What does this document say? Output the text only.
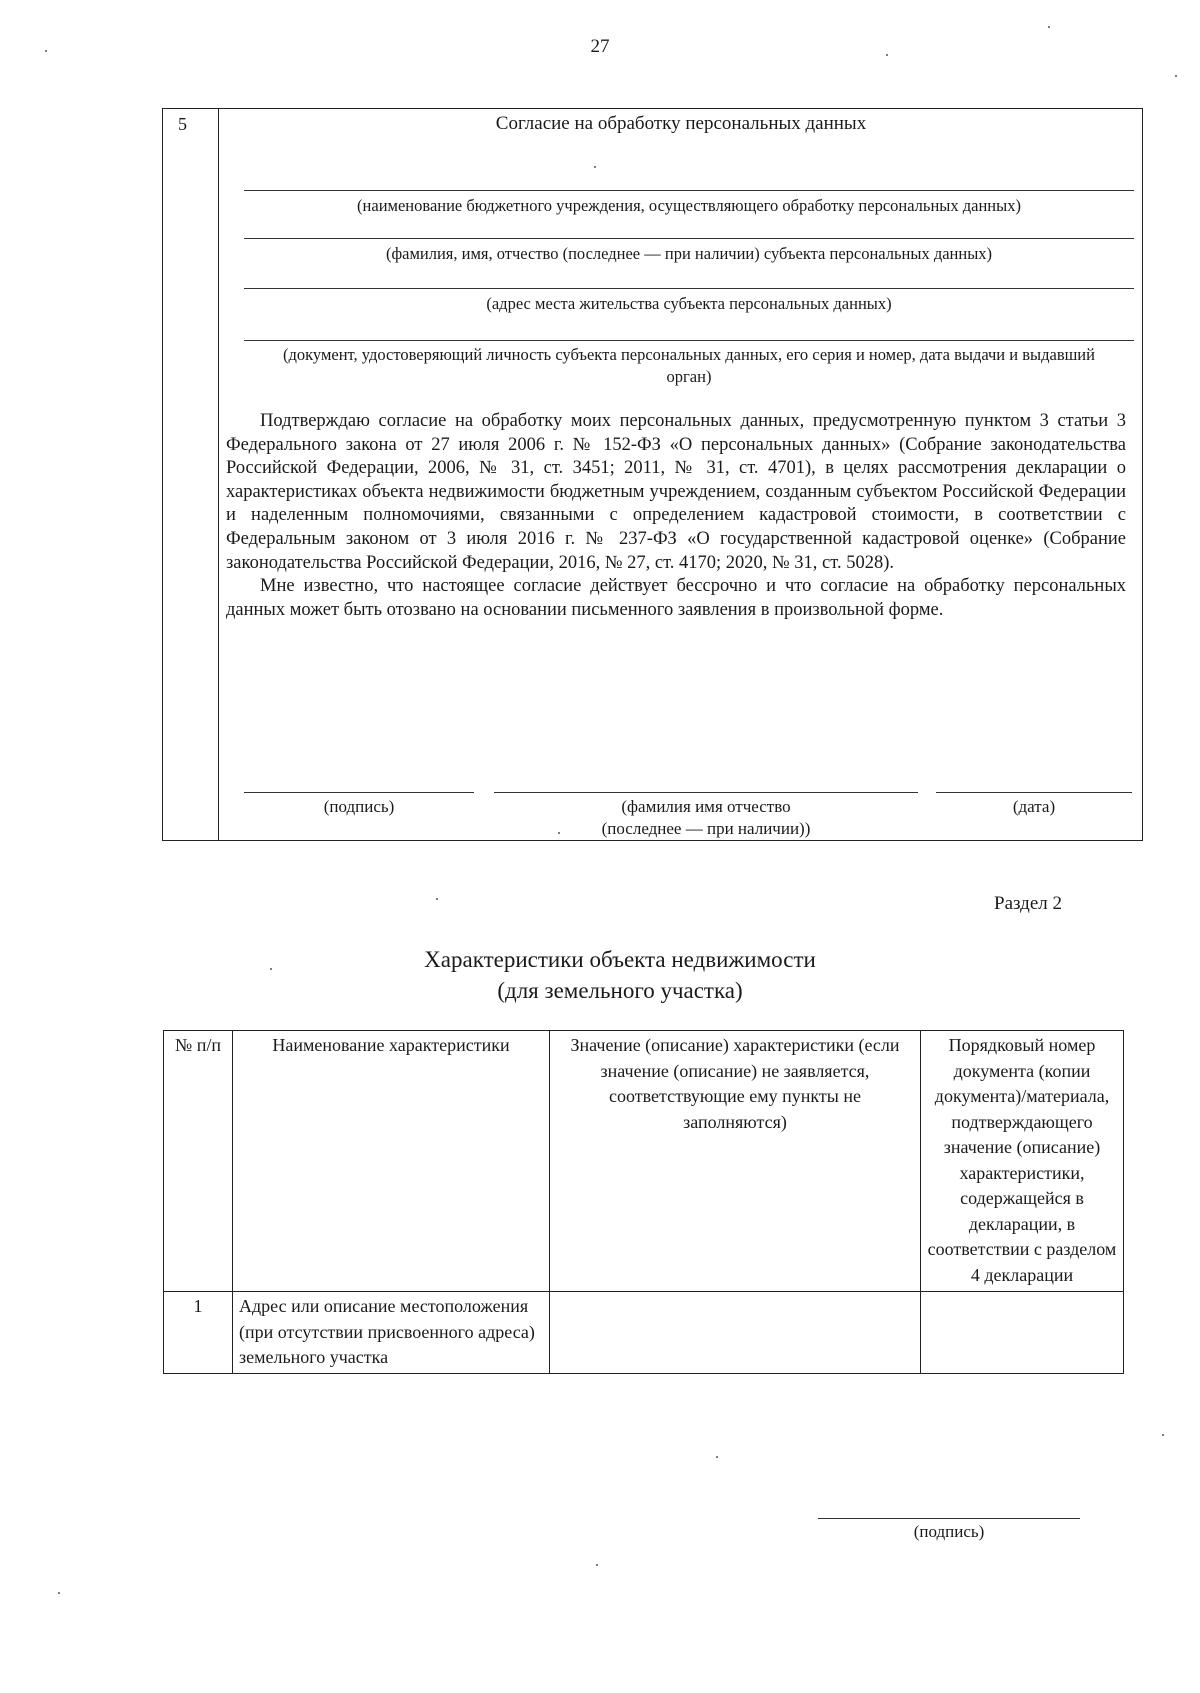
27
5	Согласие на обработку персональных данных
(наименование бюджетного учреждения, осуществляющего обработку персональных данных)
(фамилия, имя, отчество (последнее — при наличии) субъекта персональных данных)
(адрес места жительства субъекта персональных данных)
(документ, удостоверяющий личность субъекта персональных данных, его серия и номер, дата выдачи и выдавший орган)

Подтверждаю согласие на обработку моих персональных данных, предусмотренную пунктом 3 статьи 3 Федерального закона от 27 июля 2006 г. № 152-ФЗ «О персональных данных» (Собрание законодательства Российской Федерации, 2006, № 31, ст. 3451; 2011, № 31, ст. 4701), в целях рассмотрения декларации о характеристиках объекта недвижимости бюджетным учреждением, созданным субъектом Российской Федерации и наделенным полномочиями, связанными с определением кадастровой стоимости, в соответствии с Федеральным законом от 3 июля 2016 г. № 237-ФЗ «О государственной кадастровой оценке» (Собрание законодательства Российской Федерации, 2016, № 27, ст. 4170; 2020, № 31, ст. 5028).

Мне известно, что настоящее согласие действует бессрочно и что согласие на обработку персональных данных может быть отозвано на основании письменного заявления в произвольной форме.

(подпись)	(фамилия имя отчество
(последнее — при наличии))
(дата)
Раздел 2
Характеристики объекта недвижимости
(для земельного участка)
№ п/п	Наименование характеристики	Значение (описание) характеристики (если значение (описание) не заявляется, соответствующие ему пункты не заполняются)	Порядковый номер документа (копии документа)/материала, подтверждающего значение (описание) характеристики, содержащейся в декларации, в соответствии с разделом 4 декларации
1	Адрес или описание местоположения (при отсутствии присвоенного адреса) земельного участка		
(подпись)
